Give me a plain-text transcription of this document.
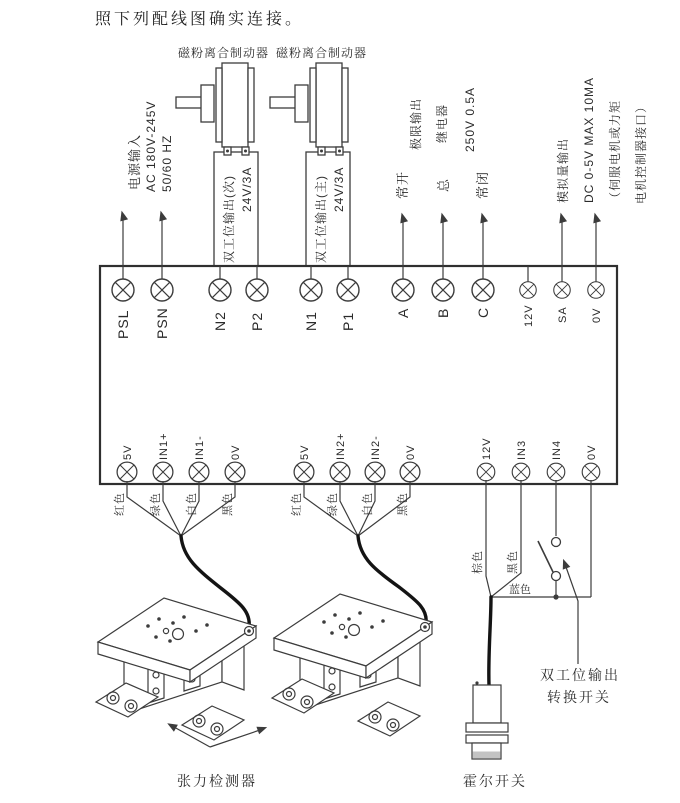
照下列配线图确实连接。
磁粉离合制动器 磁粉离合制动器
电源输入 AC 180V-245V 50/60 HZ	24V/3A
双工位输出(次)	24V/3A
双工位输出(主)
极限输出 继电器 250V 0.5A
常开 总 常闭	模拟量输出 DC 0-5V MAX 10MA （伺服电机或力矩 电机控制器接口）
PSL PSN	N2 P2	N1 P1	A B C	12V SA 0V
5V IN1+ IN1- 0V	5V IN2+ IN2- 0V	12V IN3 IN4 0V
红色 绿色 白色 黑色	红色 绿色 白色 黑色
棕色 黑色
蓝色
张力检测器	霍尔开关
双工位输出
转换开关
